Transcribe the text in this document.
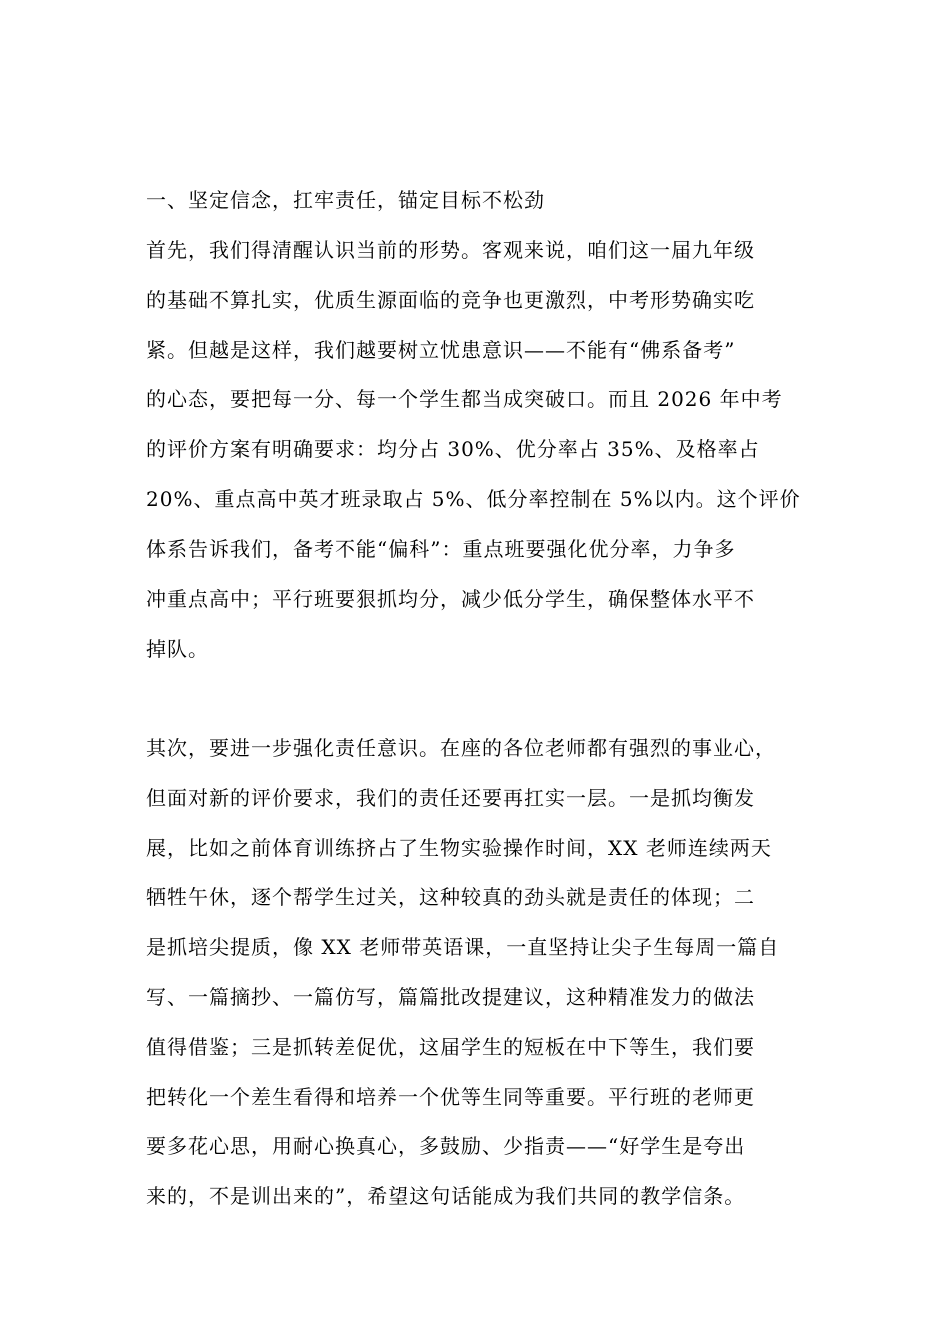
一、坚定信念，扛牢责任，锚定目标不松劲
首先，我们得清醒认识当前的形势。客观来说，咱们这一届九年级
的基础不算扎实，优质生源面临的竞争也更激烈，中考形势确实吃
紧。但越是这样，我们越要树立忧患意识——不能有“佛系备考”
的心态，要把每一分、每一个学生都当成突破口。而且 2026 年中考
的评价方案有明确要求：均分占 30%、优分率占 35%、及格率占
20%、重点高中英才班录取占 5%、低分率控制在 5%以内。这个评价
体系告诉我们，备考不能“偏科”：重点班要强化优分率，力争多
冲重点高中；平行班要狠抓均分，减少低分学生，确保整体水平不
掉队。
其次，要进一步强化责任意识。在座的各位老师都有强烈的事业心，
但面对新的评价要求，我们的责任还要再扛实一层。一是抓均衡发
展，比如之前体育训练挤占了生物实验操作时间，XX 老师连续两天
牺牲午休，逐个帮学生过关，这种较真的劲头就是责任的体现；二
是抓培尖提质，像 XX 老师带英语课，一直坚持让尖子生每周一篇自
写、一篇摘抄、一篇仿写，篇篇批改提建议，这种精准发力的做法
值得借鉴；三是抓转差促优，这届学生的短板在中下等生，我们要
把转化一个差生看得和培养一个优等生同等重要。平行班的老师更
要多花心思，用耐心换真心，多鼓励、少指责——“好学生是夸出
来的，不是训出来的”，希望这句话能成为我们共同的教学信条。
